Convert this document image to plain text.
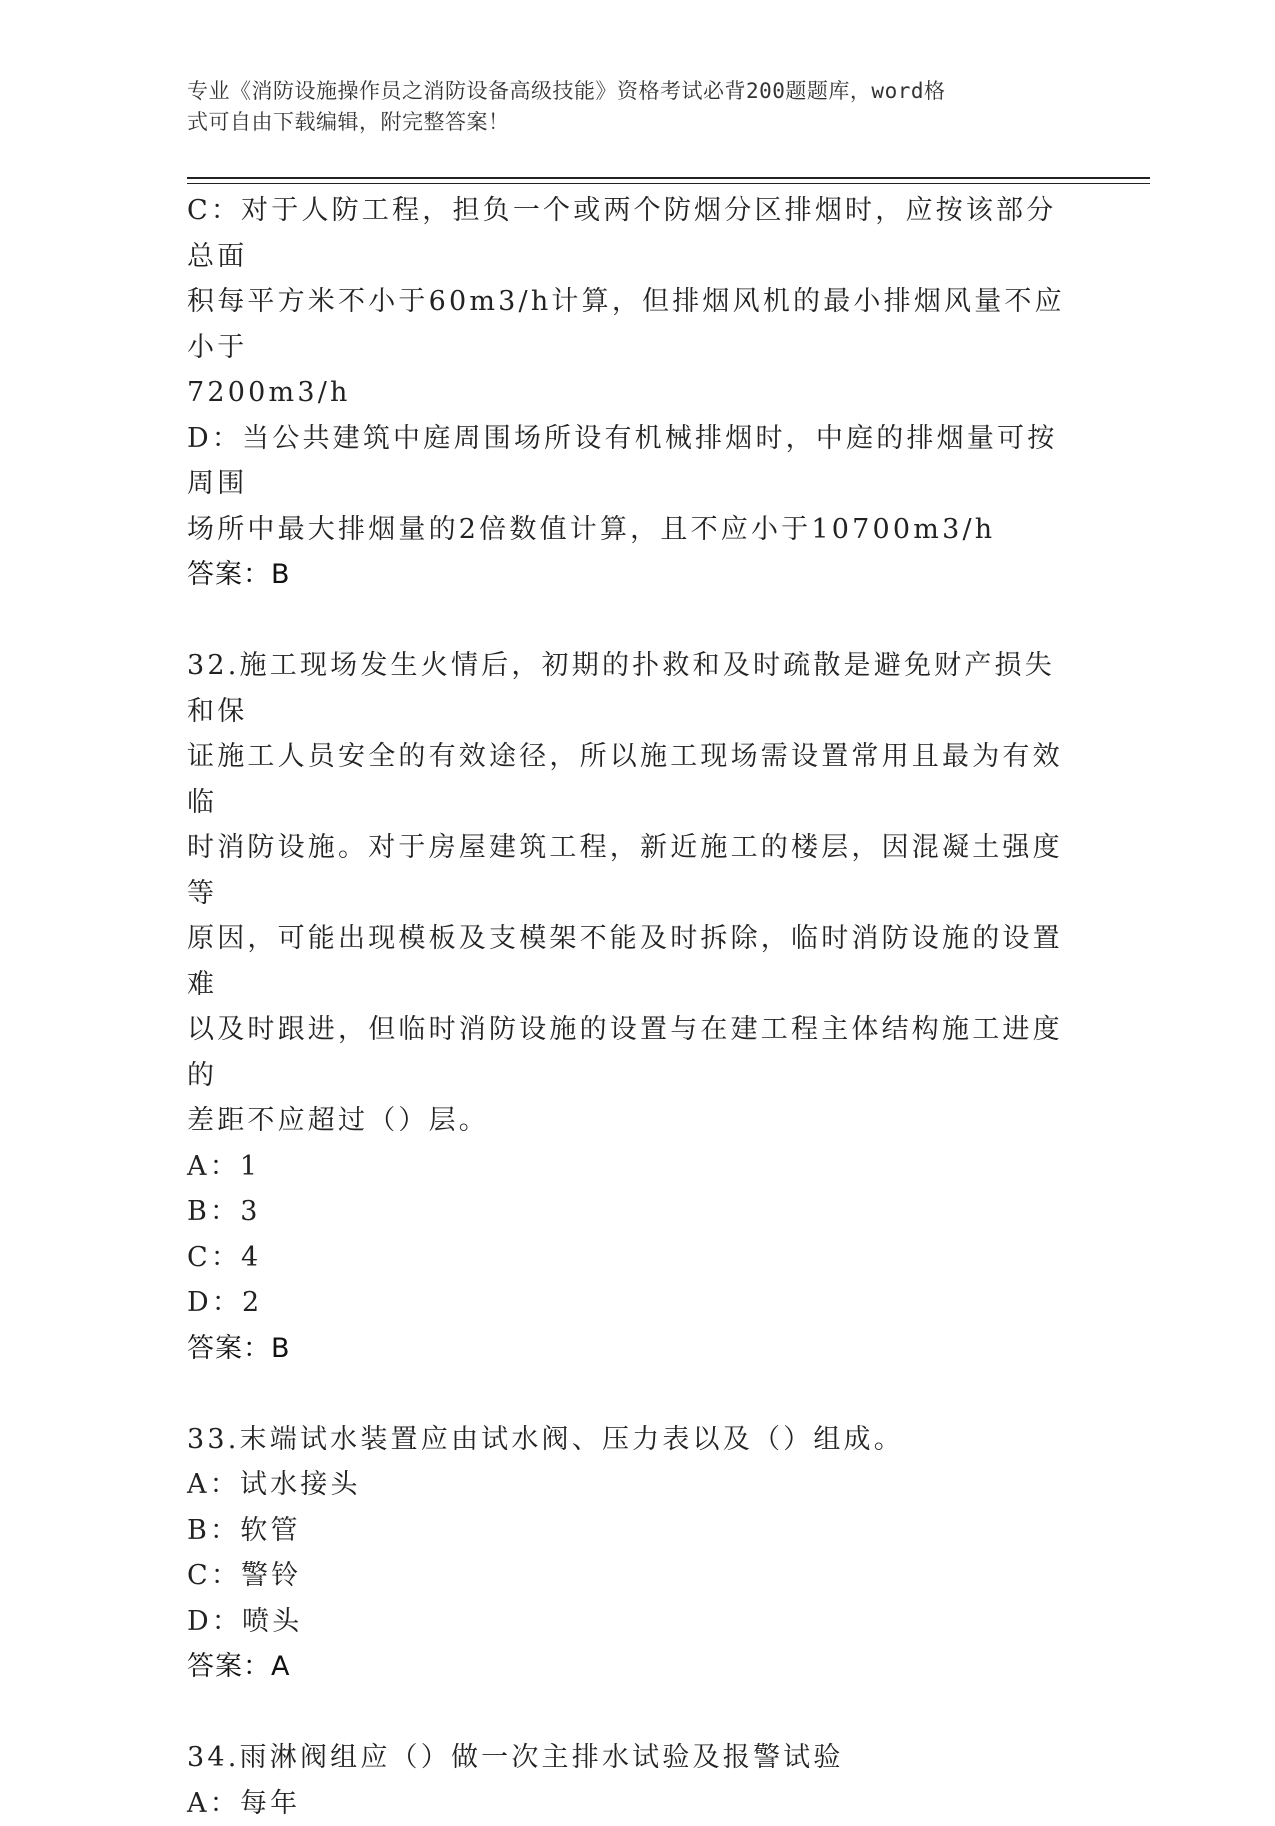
专业《消防设施操作员之消防设备高级技能》资格考试必背200题题库，word格
式可自由下载编辑，附完整答案！
C：对于人防工程，担负一个或两个防烟分区排烟时，应按该部分总面
积每平方米不小于60m3/h计算，但排烟风机的最小排烟风量不应小于
7200m3/h
D：当公共建筑中庭周围场所设有机械排烟时，中庭的排烟量可按周围
场所中最大排烟量的2倍数值计算，且不应小于10700m3/h
答案：B
32.施工现场发生火情后，初期的扑救和及时疏散是避免财产损失和保
证施工人员安全的有效途径，所以施工现场需设置常用且最为有效临
时消防设施。对于房屋建筑工程，新近施工的楼层，因混凝土强度等
原因，可能出现模板及支模架不能及时拆除，临时消防设施的设置难
以及时跟进，但临时消防设施的设置与在建工程主体结构施工进度的
差距不应超过（）层。
A：1
B：3
C：4
D：2
答案：B
33.末端试水装置应由试水阀、压力表以及（）组成。
A：试水接头
B：软管
C：警铃
D：喷头
答案：A
34.雨淋阀组应（）做一次主排水试验及报警试验
A：每年
